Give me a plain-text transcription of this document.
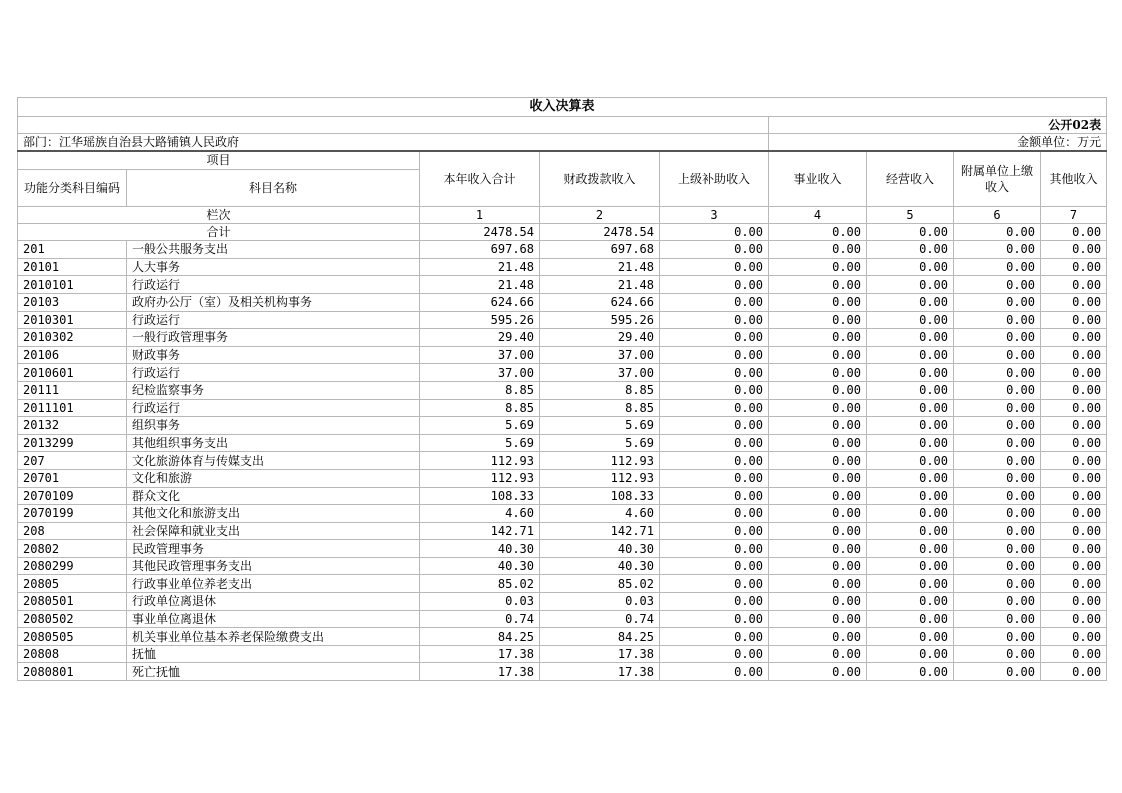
收入决算表								
					公开02表			
部门：江华瑶族自治县大路铺镇人民政府					金额单位：万元			
项目		本年收入合计	财政拨款收入	上级补助收入	事业收入	经营收入	附属单位上缴收入	其他收入
功能分类科目编码	科目名称							
栏次		1	2	3	4	5	6	7
合计		2478.54	2478.54	0.00	0.00	0.00	0.00	0.00
201	一般公共服务支出	697.68	697.68	0.00	0.00	0.00	0.00	0.00
20101	人大事务	21.48	21.48	0.00	0.00	0.00	0.00	0.00
2010101	行政运行	21.48	21.48	0.00	0.00	0.00	0.00	0.00
20103	政府办公厅（室）及相关机构事务	624.66	624.66	0.00	0.00	0.00	0.00	0.00
2010301	行政运行	595.26	595.26	0.00	0.00	0.00	0.00	0.00
2010302	一般行政管理事务	29.40	29.40	0.00	0.00	0.00	0.00	0.00
20106	财政事务	37.00	37.00	0.00	0.00	0.00	0.00	0.00
2010601	行政运行	37.00	37.00	0.00	0.00	0.00	0.00	0.00
20111	纪检监察事务	8.85	8.85	0.00	0.00	0.00	0.00	0.00
2011101	行政运行	8.85	8.85	0.00	0.00	0.00	0.00	0.00
20132	组织事务	5.69	5.69	0.00	0.00	0.00	0.00	0.00
2013299	其他组织事务支出	5.69	5.69	0.00	0.00	0.00	0.00	0.00
207	文化旅游体育与传媒支出	112.93	112.93	0.00	0.00	0.00	0.00	0.00
20701	文化和旅游	112.93	112.93	0.00	0.00	0.00	0.00	0.00
2070109	群众文化	108.33	108.33	0.00	0.00	0.00	0.00	0.00
2070199	其他文化和旅游支出	4.60	4.60	0.00	0.00	0.00	0.00	0.00
208	社会保障和就业支出	142.71	142.71	0.00	0.00	0.00	0.00	0.00
20802	民政管理事务	40.30	40.30	0.00	0.00	0.00	0.00	0.00
2080299	其他民政管理事务支出	40.30	40.30	0.00	0.00	0.00	0.00	0.00
20805	行政事业单位养老支出	85.02	85.02	0.00	0.00	0.00	0.00	0.00
2080501	行政单位离退休	0.03	0.03	0.00	0.00	0.00	0.00	0.00
2080502	事业单位离退休	0.74	0.74	0.00	0.00	0.00	0.00	0.00
2080505	机关事业单位基本养老保险缴费支出	84.25	84.25	0.00	0.00	0.00	0.00	0.00
20808	抚恤	17.38	17.38	0.00	0.00	0.00	0.00	0.00
2080801	死亡抚恤	17.38	17.38	0.00	0.00	0.00	0.00	0.00
